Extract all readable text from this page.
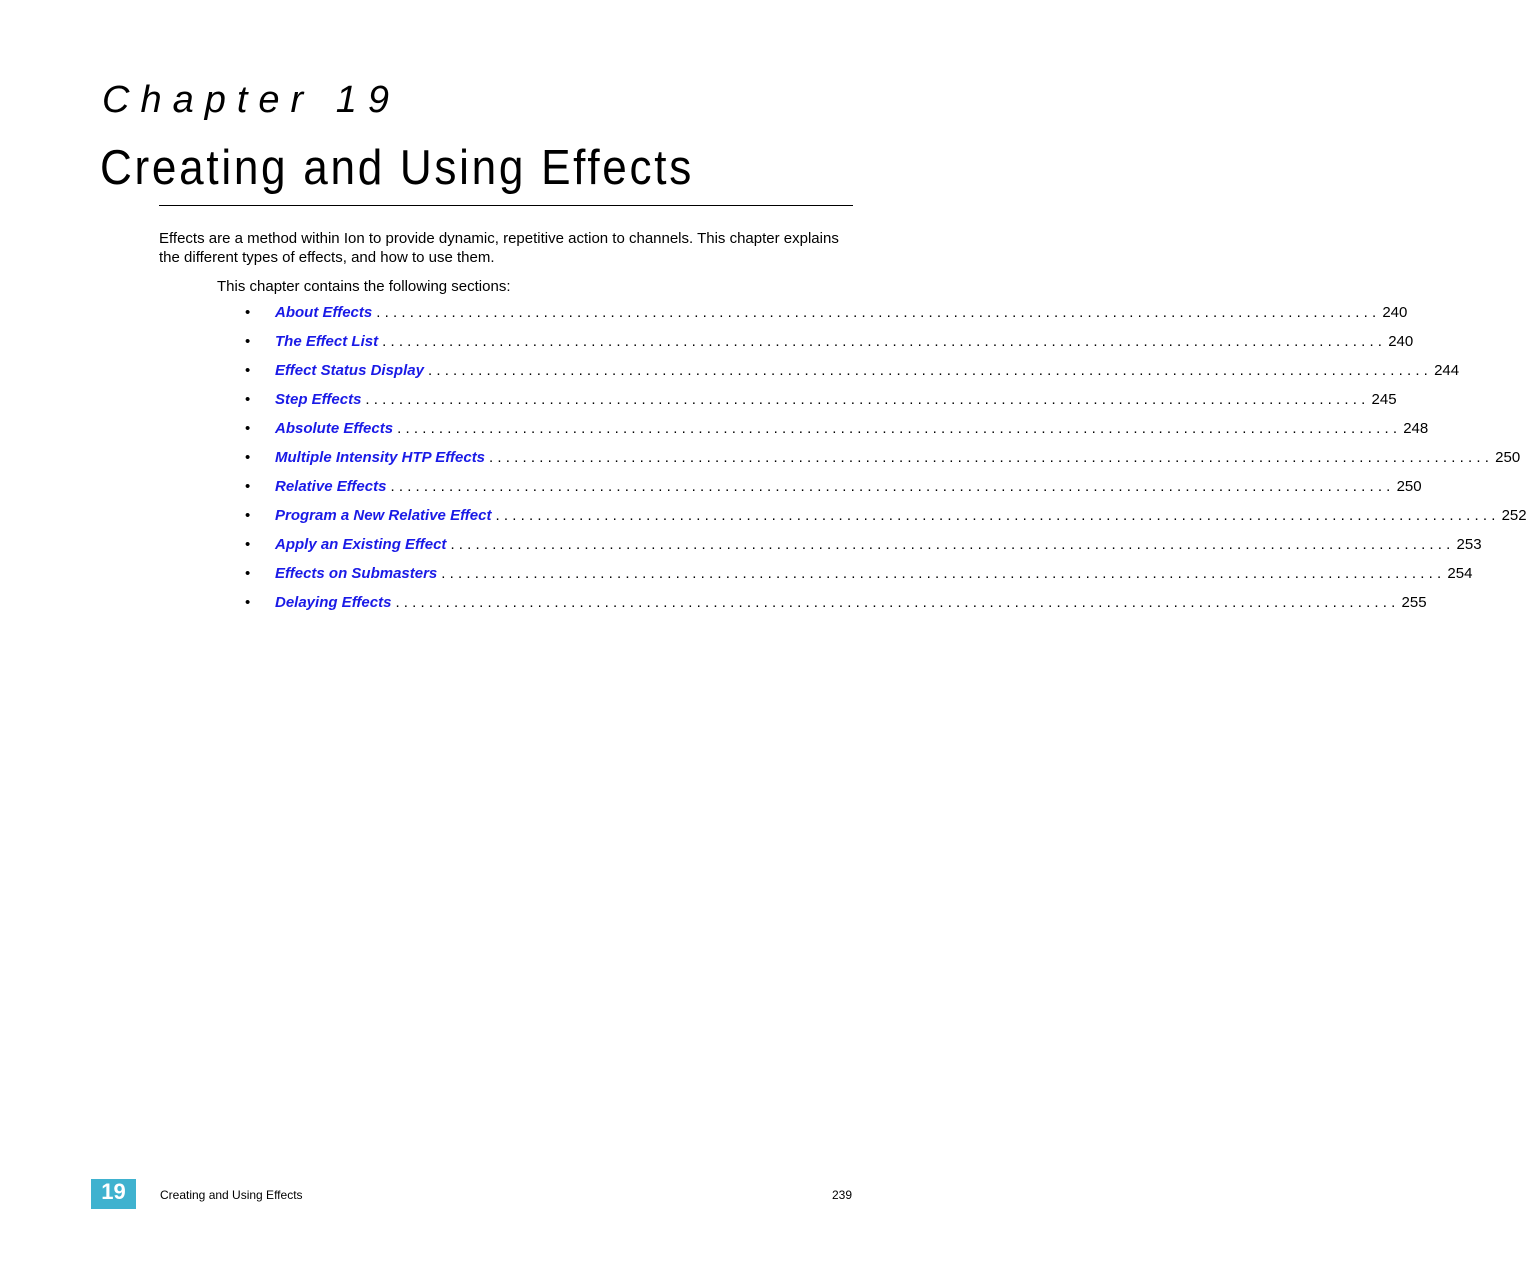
Chapter 19
Creating and Using Effects

Effects are a method within Ion to provide dynamic, repetitive action to channels. This chapter explains the different types of effects, and how to use them.

This chapter contains the following sections:

•	About Effects ........................................................................................................................ 240
•	The Effect List ........................................................................................................................ 240
•	Effect Status Display ........................................................................................................................ 244
•	Step Effects ........................................................................................................................ 245
•	Absolute Effects ........................................................................................................................ 248
•	Multiple Intensity HTP Effects ........................................................................................................................ 250
•	Relative Effects ........................................................................................................................ 250
•	Program a New Relative Effect ........................................................................................................................ 252
•	Apply an Existing Effect ........................................................................................................................ 253
•	Effects on Submasters ........................................................................................................................ 254
•	Delaying Effects ........................................................................................................................ 255
19	Creating and Using Effects	239
